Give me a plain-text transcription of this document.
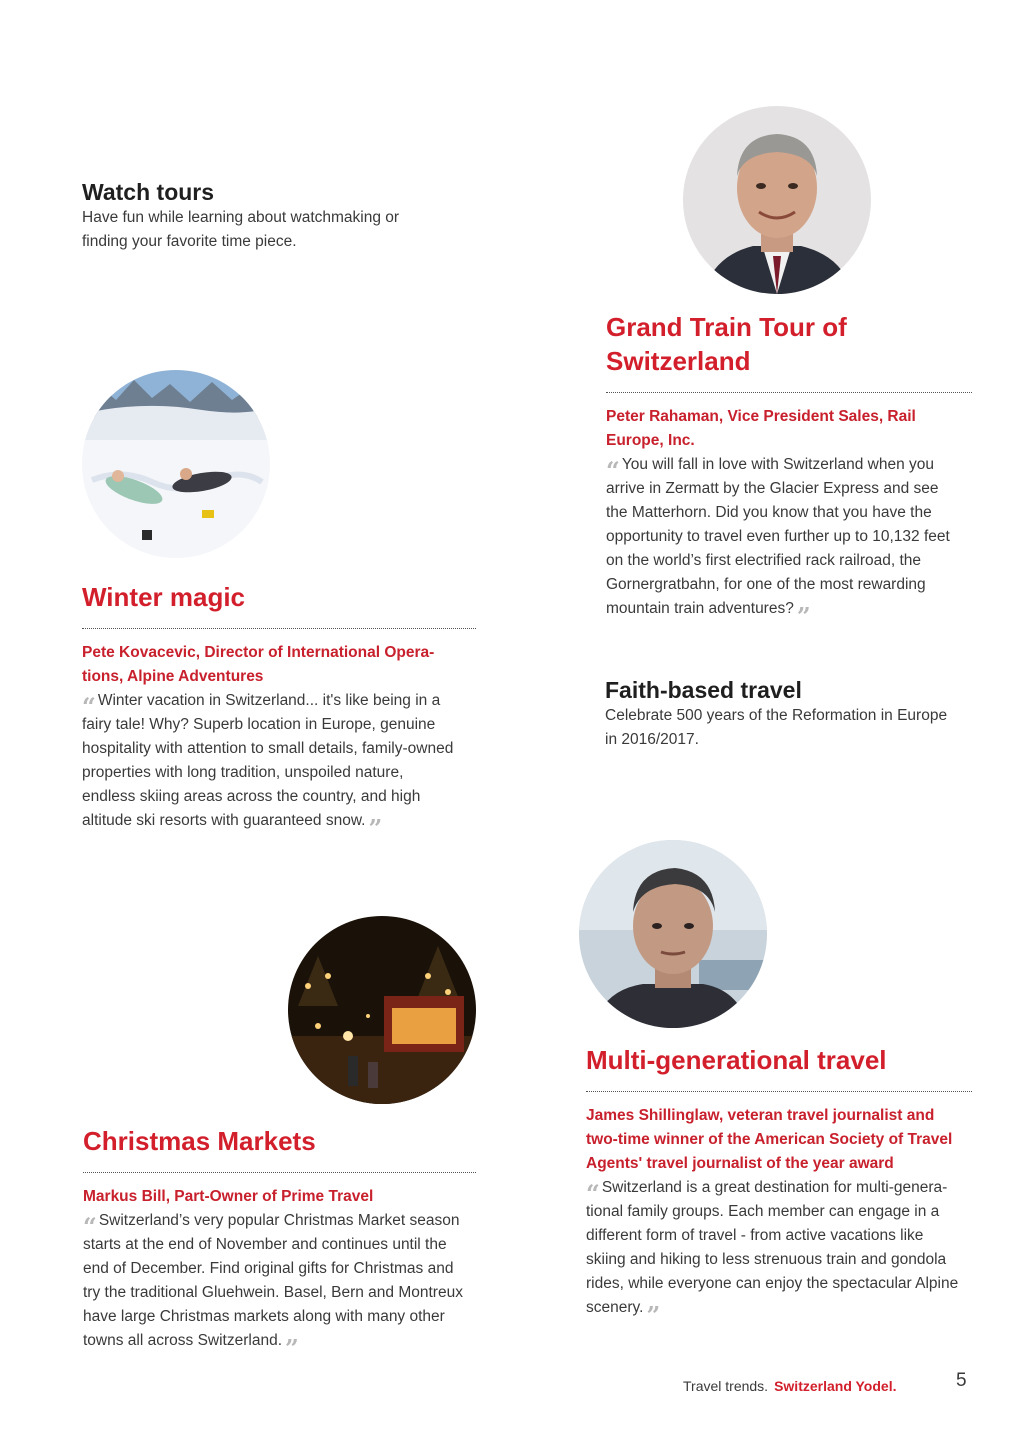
Watch tours
Have fun while learning about watchmaking or
finding your favorite time piece.
Grand Train Tour of
Switzerland
Peter Rahaman, Vice President Sales, Rail
Europe, Inc.
“ You will fall in love with Switzerland when you
arrive in Zermatt by the Glacier Express and see
the Matterhorn. Did you know that you have the
opportunity to travel even further up to 10,132 feet
on the world’s first electrified rack railroad, the
Gornergratbahn, for one of the most rewarding
mountain train adventures? ”
Winter magic
Pete Kovacevic, Director of International Opera-
tions, Alpine Adventures
“ Winter vacation in Switzerland... it's like being in a
fairy tale! Why? Superb location in Europe, genuine
hospitality with attention to small details, family-owned
properties with long tradition, unspoiled nature,
endless skiing areas across the country, and high
altitude ski resorts with guaranteed snow. ”
Faith-based travel
Celebrate 500 years of the Reformation in Europe
in 2016/2017.
Multi-generational travel
James Shillinglaw, veteran travel journalist and
two-time winner of the American Society of Travel
Agents' travel journalist of the year award
“ Switzerland is a great destination for multi-genera-
tional family groups. Each member can engage in a
different form of travel - from active vacations like
skiing and hiking to less strenuous train and gondola
rides, while everyone can enjoy the spectacular Alpine
scenery. ”
Christmas Markets
Markus Bill, Part-Owner of Prime Travel
“ Switzerland’s very popular Christmas Market season
starts at the end of November and continues until the
end of December. Find original gifts for Christmas and
try the traditional Gluehwein. Basel, Bern and Montreux
have large Christmas markets along with many other
towns all across Switzerland. ”
Travel trends. Switzerland Yodel.	5
